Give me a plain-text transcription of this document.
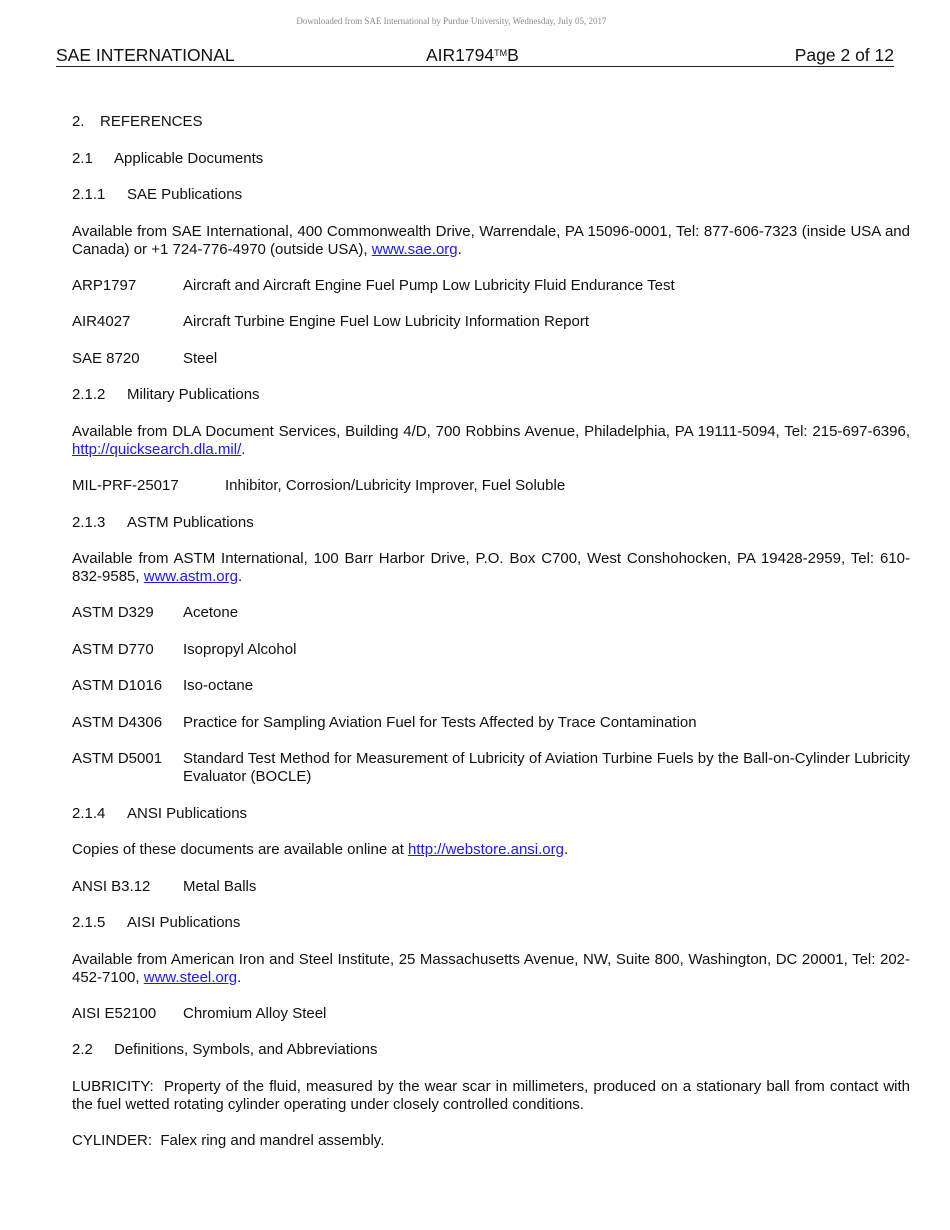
Downloaded from SAE International by Purdue University, Wednesday, July 05, 2017
SAE INTERNATIONAL	AIR1794™B	Page 2 of 12
2. REFERENCES
2.1 Applicable Documents
2.1.1 SAE Publications
Available from SAE International, 400 Commonwealth Drive, Warrendale, PA 15096-0001, Tel: 877-606-7323 (inside USA and Canada) or +1 724-776-4970 (outside USA), www.sae.org.
ARP1797	Aircraft and Aircraft Engine Fuel Pump Low Lubricity Fluid Endurance Test
AIR4027	Aircraft Turbine Engine Fuel Low Lubricity Information Report
SAE 8720	Steel
2.1.2 Military Publications
Available from DLA Document Services, Building 4/D, 700 Robbins Avenue, Philadelphia, PA 19111-5094, Tel: 215-697-6396, http://quicksearch.dla.mil/.
MIL-PRF-25017	Inhibitor, Corrosion/Lubricity Improver, Fuel Soluble
2.1.3 ASTM Publications
Available from ASTM International, 100 Barr Harbor Drive, P.O. Box C700, West Conshohocken, PA 19428-2959, Tel: 610-832-9585, www.astm.org.
ASTM D329 Acetone
ASTM D770 Isopropyl Alcohol
ASTM D1016 Iso-octane
ASTM D4306 Practice for Sampling Aviation Fuel for Tests Affected by Trace Contamination
ASTM D5001 Standard Test Method for Measurement of Lubricity of Aviation Turbine Fuels by the Ball-on-Cylinder Lubricity Evaluator (BOCLE)
2.1.4 ANSI Publications
Copies of these documents are available online at http://webstore.ansi.org.
ANSI B3.12 Metal Balls
2.1.5 AISI Publications
Available from American Iron and Steel Institute, 25 Massachusetts Avenue, NW, Suite 800, Washington, DC 20001, Tel: 202-452-7100, www.steel.org.
AISI E52100 Chromium Alloy Steel
2.2 Definitions, Symbols, and Abbreviations
LUBRICITY: Property of the fluid, measured by the wear scar in millimeters, produced on a stationary ball from contact with the fuel wetted rotating cylinder operating under closely controlled conditions.
CYLINDER: Falex ring and mandrel assembly.
